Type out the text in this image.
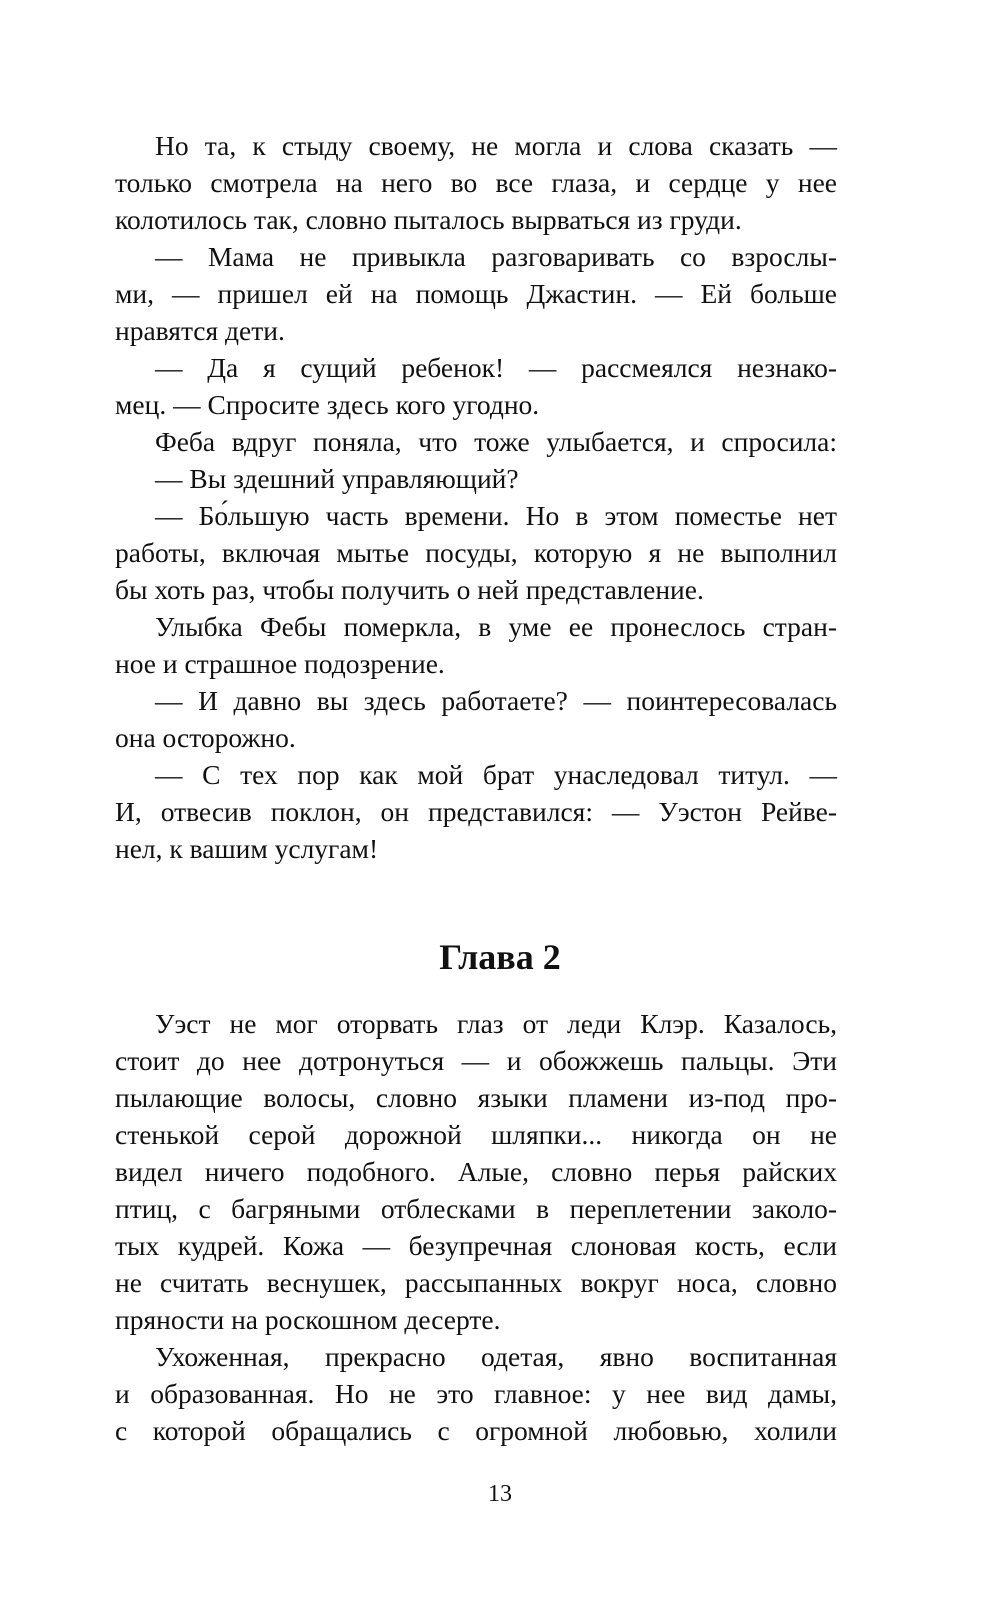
Но та, к стыду своему, не могла и слова сказать —
только смотрела на него во все глаза, и сердце у нее
колотилось так, словно пыталось вырваться из груди.
— Мама не привыкла разговаривать со взрослы-
ми, — пришел ей на помощь Джастин. — Ей больше
нравятся дети.
— Да я сущий ребенок! — рассмеялся незнако-
мец. — Спросите здесь кого угодно.
Феба вдруг поняла, что тоже улыбается, и спросила:
— Вы здешний управляющий?
— Бо́льшую часть времени. Но в этом поместье нет
работы, включая мытье посуды, которую я не выполнил
бы хоть раз, чтобы получить о ней представление.
Улыбка Фебы померкла, в уме ее пронеслось стран-
ное и страшное подозрение.
— И давно вы здесь работаете? — поинтересовалась
она осторожно.
— С тех пор как мой брат унаследовал титул. —
И, отвесив поклон, он представился: — Уэстон Рейве-
нел, к вашим услугам!
Глава 2
Уэст не мог оторвать глаз от леди Клэр. Казалось,
стоит до нее дотронуться — и обожжешь пальцы. Эти
пылающие волосы, словно языки пламени из-под про-
стенькой серой дорожной шляпки... никогда он не
видел ничего подобного. Алые, словно перья райских
птиц, с багряными отблесками в переплетении заколо-
тых кудрей. Кожа — безупречная слоновая кость, если
не считать веснушек, рассыпанных вокруг носа, словно
пряности на роскошном десерте.
Ухоженная, прекрасно одетая, явно воспитанная
и образованная. Но не это главное: у нее вид дамы,
с которой обращались с огромной любовью, холили
13
